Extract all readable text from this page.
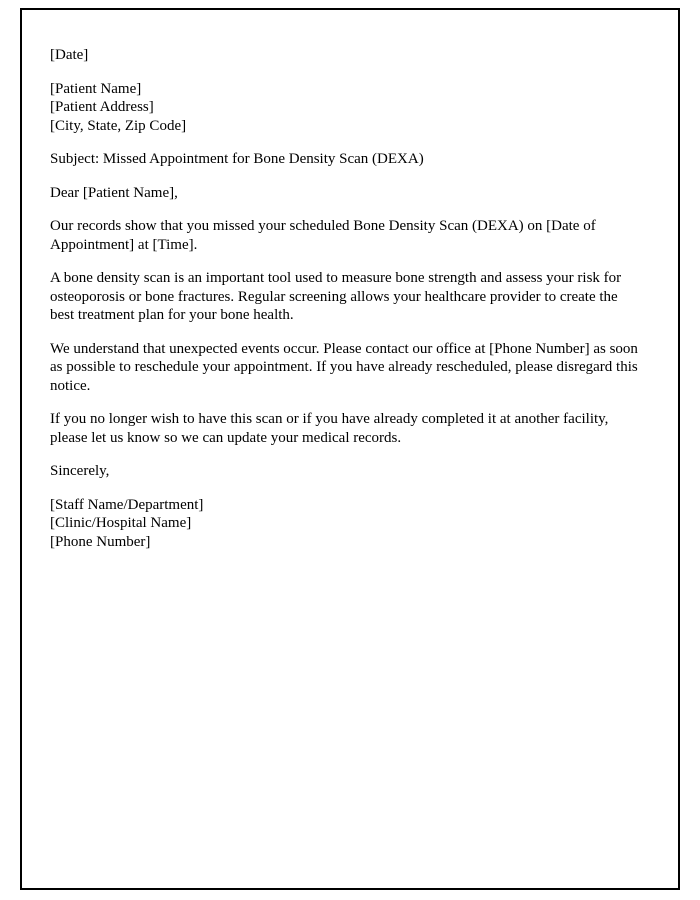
[Date]

[Patient Name]

[Patient Address]

[City, State, Zip Code]

Subject: Missed Appointment for Bone Density Scan (DEXA)

Dear [Patient Name],

Our records show that you missed your scheduled Bone Density Scan (DEXA) on [Date of Appointment] at [Time].

A bone density scan is an important tool used to measure bone strength and assess your risk for osteoporosis or bone fractures. Regular screening allows your healthcare provider to create the best treatment plan for your bone health.

We understand that unexpected events occur. Please contact our office at [Phone Number] as soon as possible to reschedule your appointment. If you have already rescheduled, please disregard this notice.

If you no longer wish to have this scan or if you have already completed it at another facility, please let us know so we can update your medical records.

Sincerely,

[Staff Name/Department]

[Clinic/Hospital Name]

[Phone Number]
